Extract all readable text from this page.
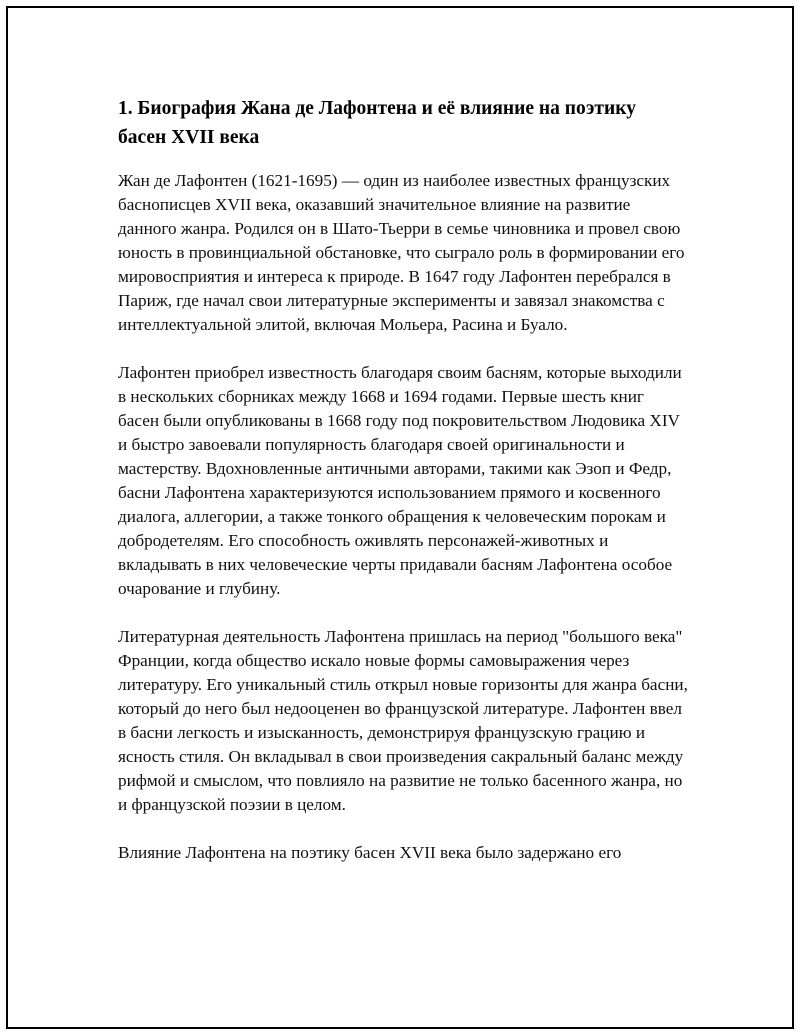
1. Биография Жана де Лафонтена и её влияние на поэтику басен XVII века

Жан де Лафонтен (1621-1695) — один из наиболее известных французских баснописцев XVII века, оказавший значительное влияние на развитие данного жанра. Родился он в Шато-Тьерри в семье чиновника и провел свою юность в провинциальной обстановке, что сыграло роль в формировании его мировосприятия и интереса к природе. В 1647 году Лафонтен перебрался в Париж, где начал свои литературные эксперименты и завязал знакомства с интеллектуальной элитой, включая Мольера, Расина и Буало.

Лафонтен приобрел известность благодаря своим басням, которые выходили в нескольких сборниках между 1668 и 1694 годами. Первые шесть книг басен были опубликованы в 1668 году под покровительством Людовика XIV и быстро завоевали популярность благодаря своей оригинальности и мастерству. Вдохновленные античными авторами, такими как Эзоп и Федр, басни Лафонтена характеризуются использованием прямого и косвенного диалога, аллегории, а также тонкого обращения к человеческим порокам и добродетелям. Его способность оживлять персонажей-животных и вкладывать в них человеческие черты придавали басням Лафонтена особое очарование и глубину.

Литературная деятельность Лафонтена пришлась на период "большого века" Франции, когда общество искало новые формы самовыражения через литературу. Его уникальный стиль открыл новые горизонты для жанра басни, который до него был недооценен во французской литературе. Лафонтен ввел в басни легкость и изысканность, демонстрируя французскую грацию и ясность стиля. Он вкладывал в свои произведения сакральный баланс между рифмой и смыслом, что повлияло на развитие не только басенного жанра, но и французской поэзии в целом.

Влияние Лафонтена на поэтику басен XVII века было задержано его
